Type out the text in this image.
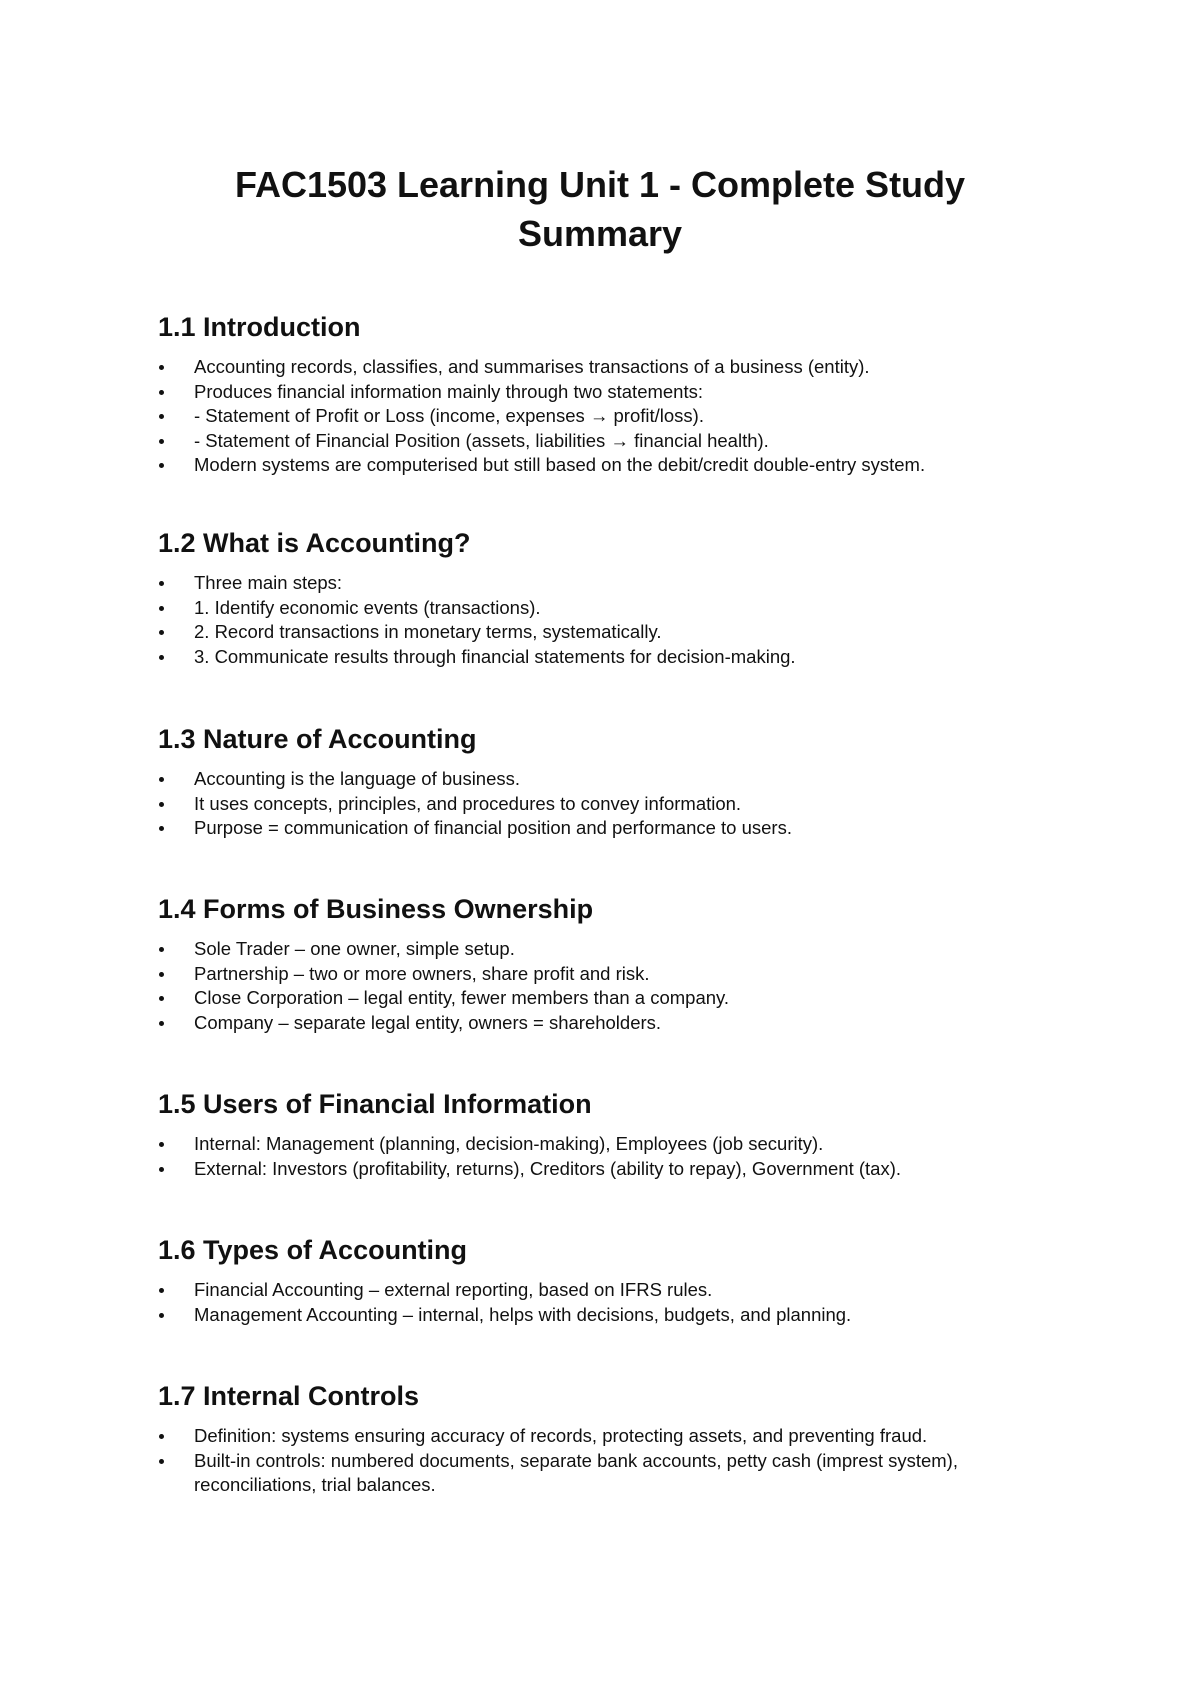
FAC1503 Learning Unit 1 - Complete Study Summary
1.1 Introduction
Accounting records, classifies, and summarises transactions of a business (entity).
Produces financial information mainly through two statements:
- Statement of Profit or Loss (income, expenses → profit/loss).
- Statement of Financial Position (assets, liabilities → financial health).
Modern systems are computerised but still based on the debit/credit double-entry system.
1.2 What is Accounting?
Three main steps:
1. Identify economic events (transactions).
2. Record transactions in monetary terms, systematically.
3. Communicate results through financial statements for decision-making.
1.3 Nature of Accounting
Accounting is the language of business.
It uses concepts, principles, and procedures to convey information.
Purpose = communication of financial position and performance to users.
1.4 Forms of Business Ownership
Sole Trader – one owner, simple setup.
Partnership – two or more owners, share profit and risk.
Close Corporation – legal entity, fewer members than a company.
Company – separate legal entity, owners = shareholders.
1.5 Users of Financial Information
Internal: Management (planning, decision-making), Employees (job security).
External: Investors (profitability, returns), Creditors (ability to repay), Government (tax).
1.6 Types of Accounting
Financial Accounting – external reporting, based on IFRS rules.
Management Accounting – internal, helps with decisions, budgets, and planning.
1.7 Internal Controls
Definition: systems ensuring accuracy of records, protecting assets, and preventing fraud.
Built-in controls: numbered documents, separate bank accounts, petty cash (imprest system), reconciliations, trial balances.
